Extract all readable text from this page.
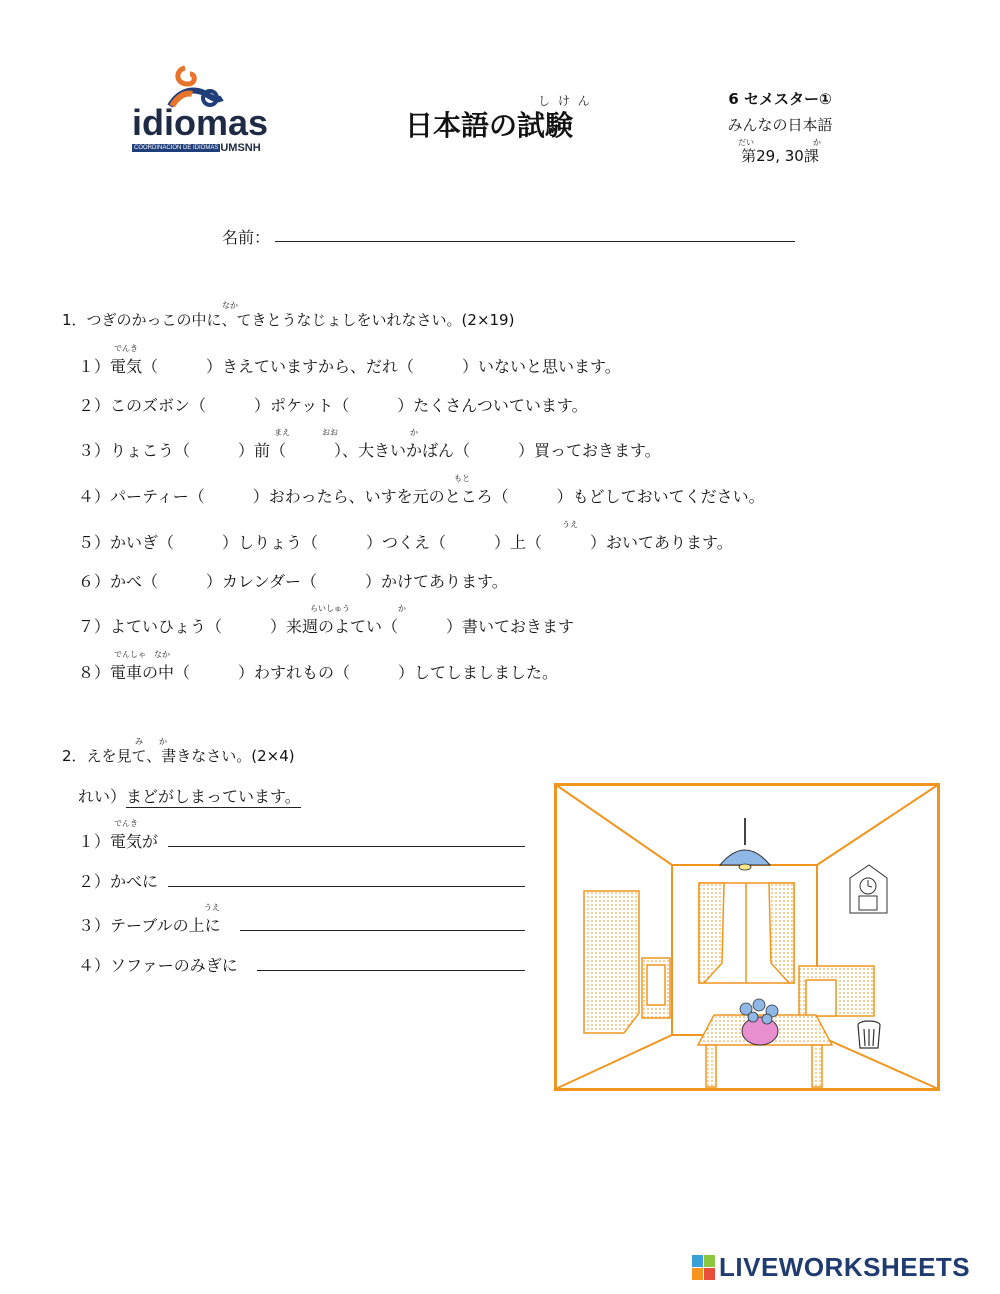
idiomas
COORDINACION DE IDIOMAS UMSNH
し け ん
日本語の試験
6 セメスター①
みんなの日本語
だい	か
第29, 30課
名前：
なか
1．つぎのかっこの中に、てきとうなじょしをいれなさい。(2×19)
でんき
１）電気（　　　）きえていますから、だれ（　　　）いないと思います。
２）このズボン（　　　）ポケット（　　　）たくさんついています。
まえ　　　　おお　　　　　　　　　か
３）りょこう（　　　）前（　　　）、大きいかばん（　　　）買っておきます。
もと
４）パーティー（　　　）おわったら、いすを元のところ（　　　）もどしておいてください。
うえ
５）かいぎ（　　　）しりょう（　　　）つくえ（　　　）上（　　　）おいてあります。
６）かべ（　　　）カレンダー（　　　）かけてあります。
らいしゅう　　　　　　か
７）よていひょう（　　　）来週のよてい（　　　）書いておきます
でんしゃ　なか
８）電車の中（　　　）わすれもの（　　　）してしましました。
み　　か
2．えを見て、書きなさい。(2×4)
れい）まどがしまっています。
でんき
１）電気が
２）かべに
うえ
３）テーブルの上に
４）ソファーのみぎに
LIVEWORKSHEETS
